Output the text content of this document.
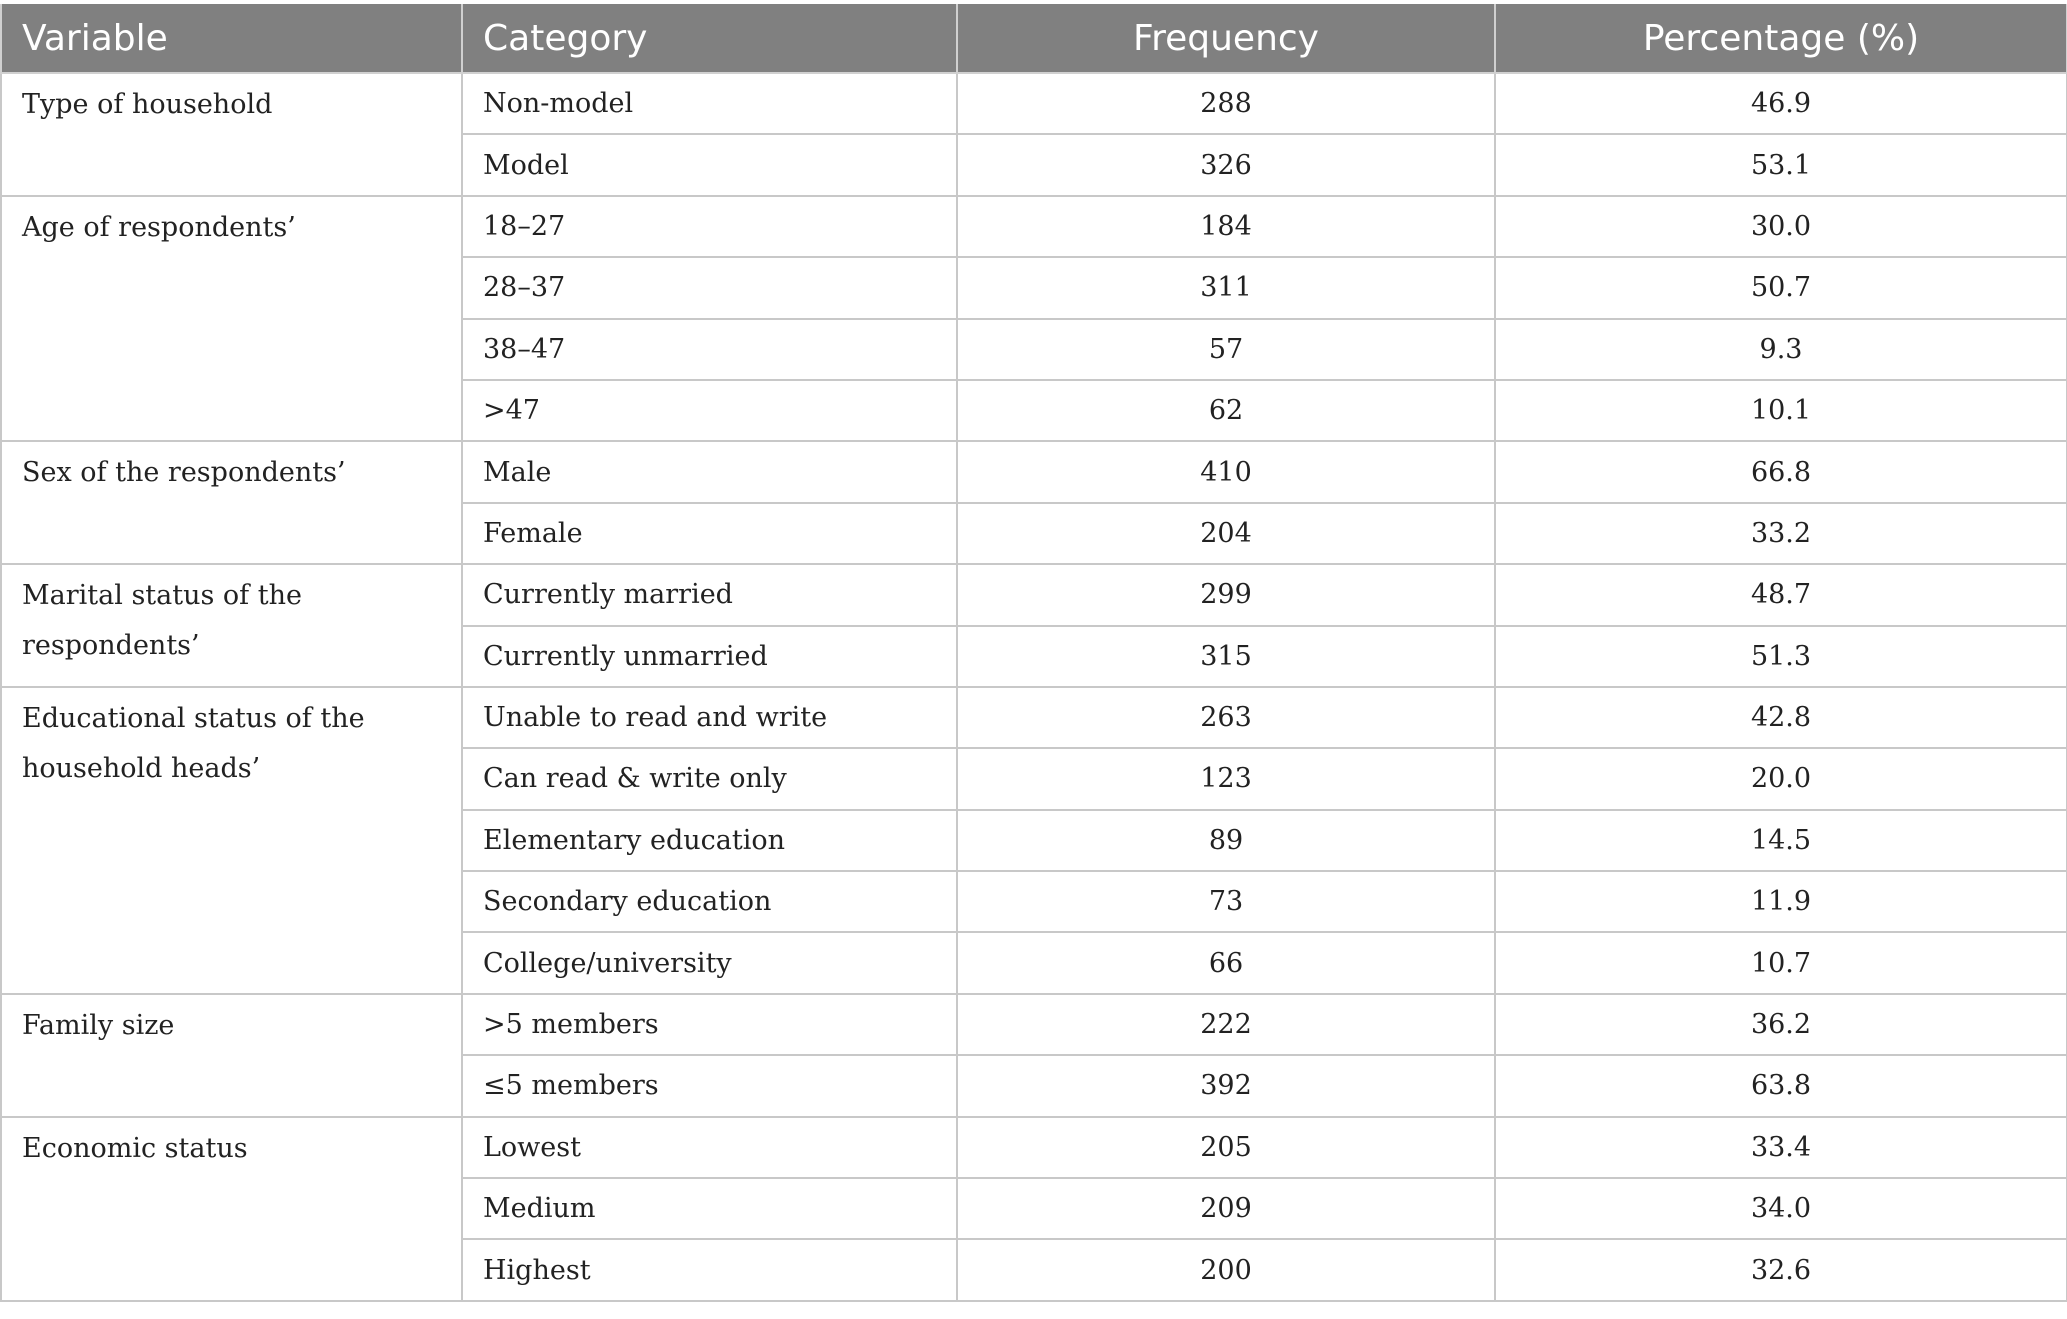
Variable	Category	Frequency	Percentage (%)

Type of household	Non-model	288	46.9
	Model	326	53.1

Age of respondents’	18–27	184	30.0
	28–37	311	50.7
	38–47	57	9.3
	>47	62	10.1

Sex of the respondents’	Male	410	66.8
	Female	204	33.2

Marital status of the respondents’	Currently married	299	48.7
	Currently unmarried	315	51.3

Educational status of the household heads’	Unable to read and write	263	42.8
	Can read & write only	123	20.0
	Elementary education	89	14.5
	Secondary education	73	11.9
	College/university	66	10.7

Family size	>5 members	222	36.2
	≤5 members	392	63.8

Economic status	Lowest	205	33.4
	Medium	209	34.0
	Highest	200	32.6
